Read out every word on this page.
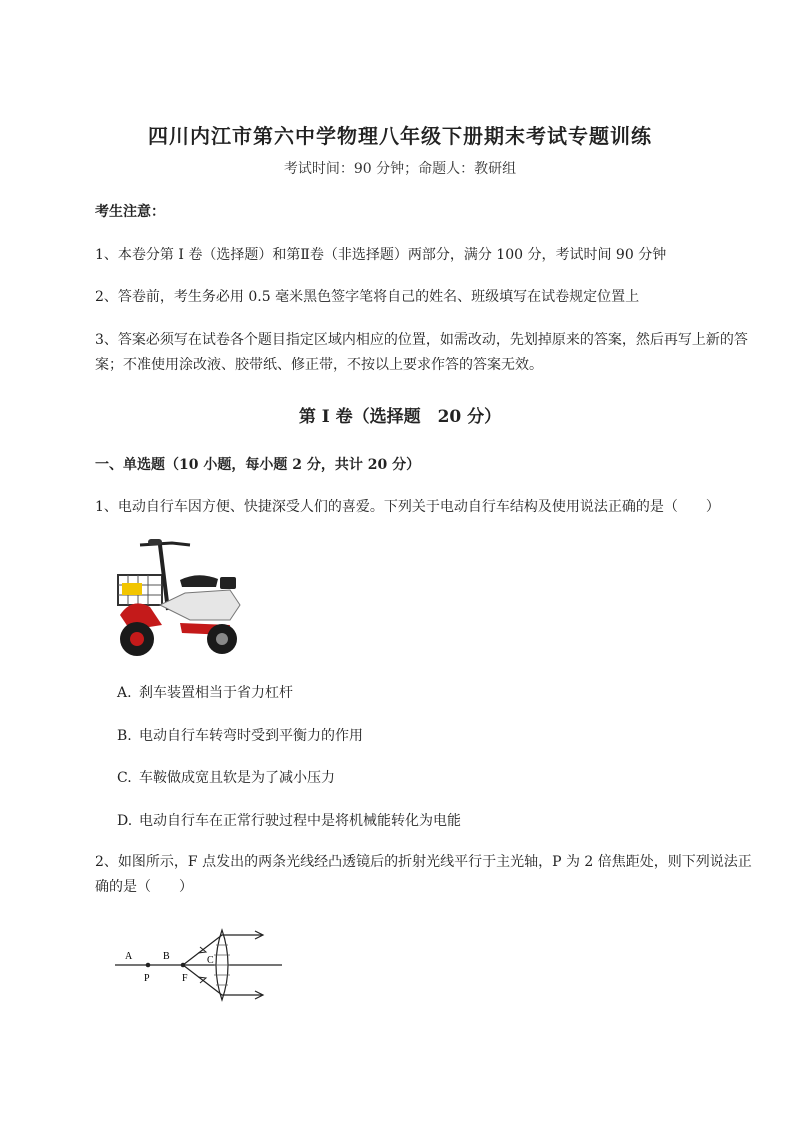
四川内江市第六中学物理八年级下册期末考试专题训练
考试时间：90 分钟；命题人：教研组
考生注意：
1、本卷分第 I 卷（选择题）和第Ⅱ卷（非选择题）两部分，满分 100 分，考试时间 90 分钟
2、答卷前，考生务必用 0.5 毫米黑色签字笔将自己的姓名、班级填写在试卷规定位置上
3、答案必须写在试卷各个题目指定区域内相应的位置，如需改动，先划掉原来的答案，然后再写上新的答案；不准使用涂改液、胶带纸、修正带，不按以上要求作答的答案无效。
第 I 卷（选择题　20 分）
一、单选题（10 小题，每小题 2 分，共计 20 分）
1、电动自行车因方便、快捷深受人们的喜爱。下列关于电动自行车结构及使用说法正确的是（　　）
A. 刹车装置相当于省力杠杆
B. 电动自行车转弯时受到平衡力的作用
C. 车鞍做成宽且软是为了减小压力
D. 电动自行车在正常行驶过程中是将机械能转化为电能
2、如图所示，F 点发出的两条光线经凸透镜后的折射光线平行于主光轴，P 为 2 倍焦距处，则下列说法正确的是（　　）
A	B	C
P	F
